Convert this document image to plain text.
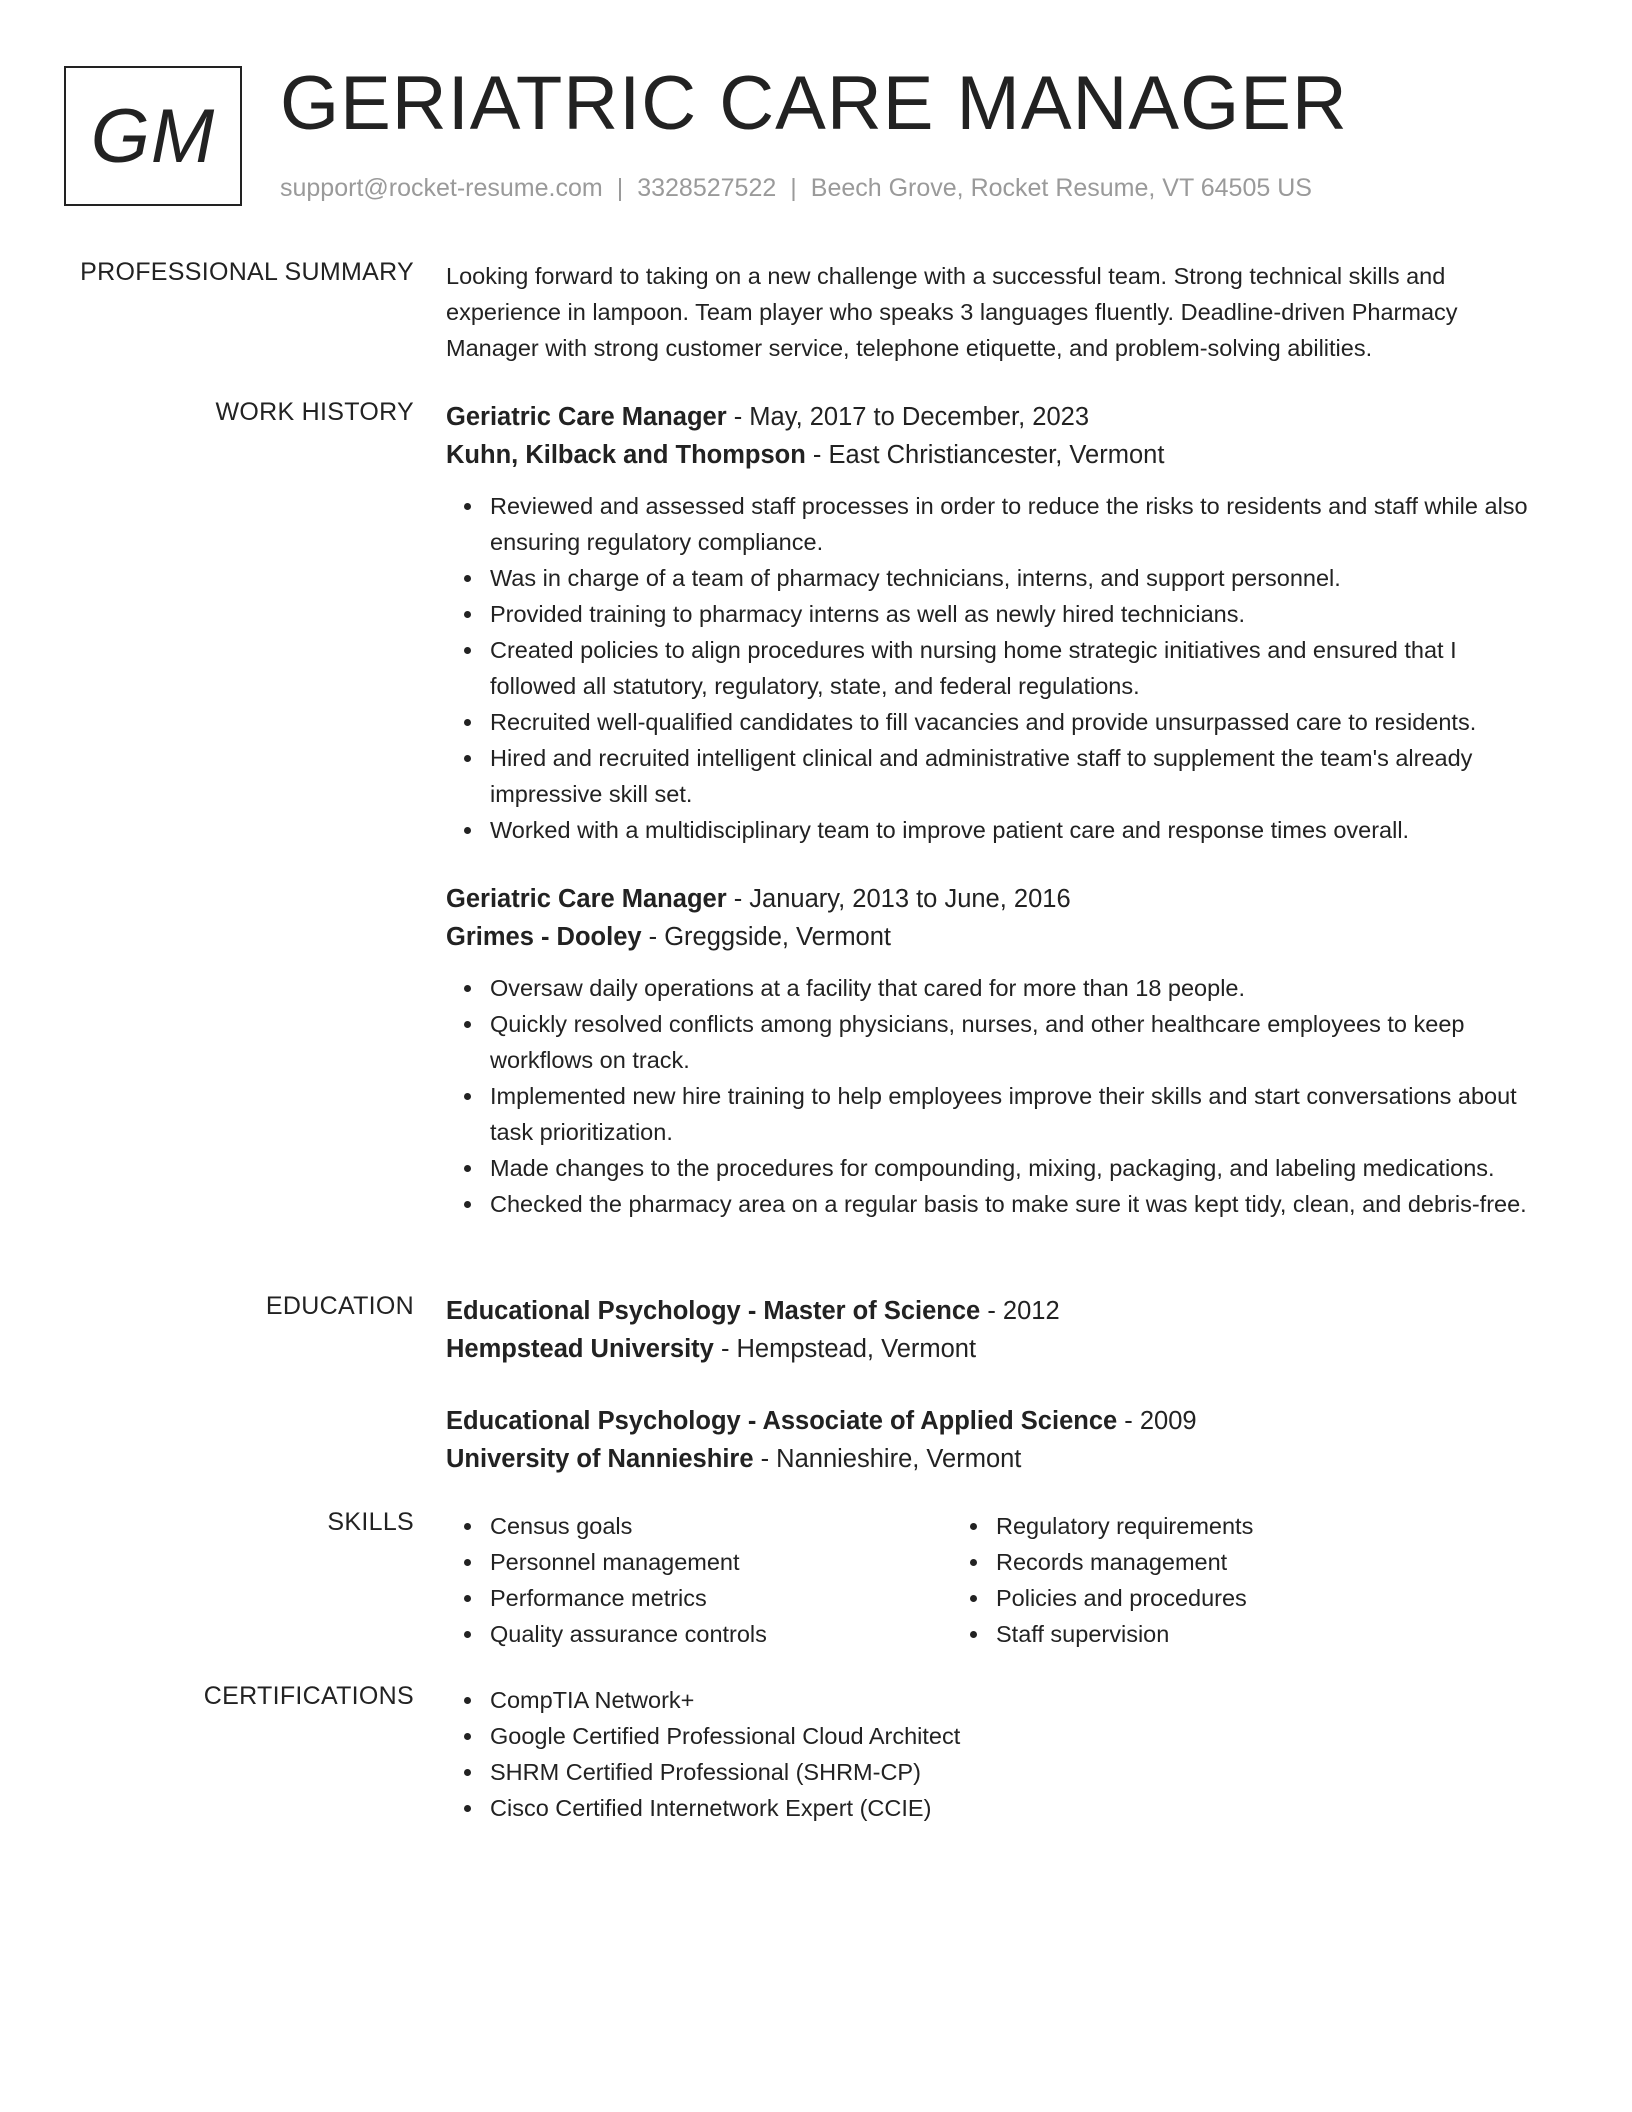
GM GERIATRIC CARE MANAGER
support@rocket-resume.com | 3328527522 | Beech Grove, Rocket Resume, VT 64505 US
PROFESSIONAL SUMMARY Looking forward to taking on a new challenge with a successful team. Strong technical skills and

experience in lampoon. Team player who speaks 3 languages fluently. Deadline-driven Pharmacy

Manager with strong customer service, telephone etiquette, and problem-solving abilities.

WORK HISTORY Geriatric Care Manager - May, 2017 to December, 2023
Kuhn, Kilback and Thompson - East Christiancester, Vermont
Reviewed and assessed staff processes in order to reduce the risks to residents and staff while also ensuring regulatory compliance.
Was in charge of a team of pharmacy technicians, interns, and support personnel.
Provided training to pharmacy interns as well as newly hired technicians.
Created policies to align procedures with nursing home strategic initiatives and ensured that I followed all statutory, regulatory, state, and federal regulations.
Recruited well-qualified candidates to fill vacancies and provide unsurpassed care to residents.
Hired and recruited intelligent clinical and administrative staff to supplement the team's already impressive skill set.
Worked with a multidisciplinary team to improve patient care and response times overall.
Geriatric Care Manager - January, 2013 to June, 2016
Grimes - Dooley - Greggside, Vermont
Oversaw daily operations at a facility that cared for more than 18 people.
Quickly resolved conflicts among physicians, nurses, and other healthcare employees to keep workflows on track.
Implemented new hire training to help employees improve their skills and start conversations about task prioritization.
Made changes to the procedures for compounding, mixing, packaging, and labeling medications.
Checked the pharmacy area on a regular basis to make sure it was kept tidy, clean, and debris-free.
EDUCATION Educational Psychology - Master of Science - 2012
Hempstead University - Hempstead, Vermont
Educational Psychology - Associate of Applied Science - 2009
University of Nannieshire - Nannieshire, Vermont
SKILLS	Census goals
Personnel management
Performance metrics
Quality assurance controls
Regulatory requirements
Records management
Policies and procedures
Staff supervision
CERTIFICATIONS	CompTIA Network+
Google Certified Professional Cloud Architect
SHRM Certified Professional (SHRM-CP)
Cisco Certified Internetwork Expert (CCIE)
